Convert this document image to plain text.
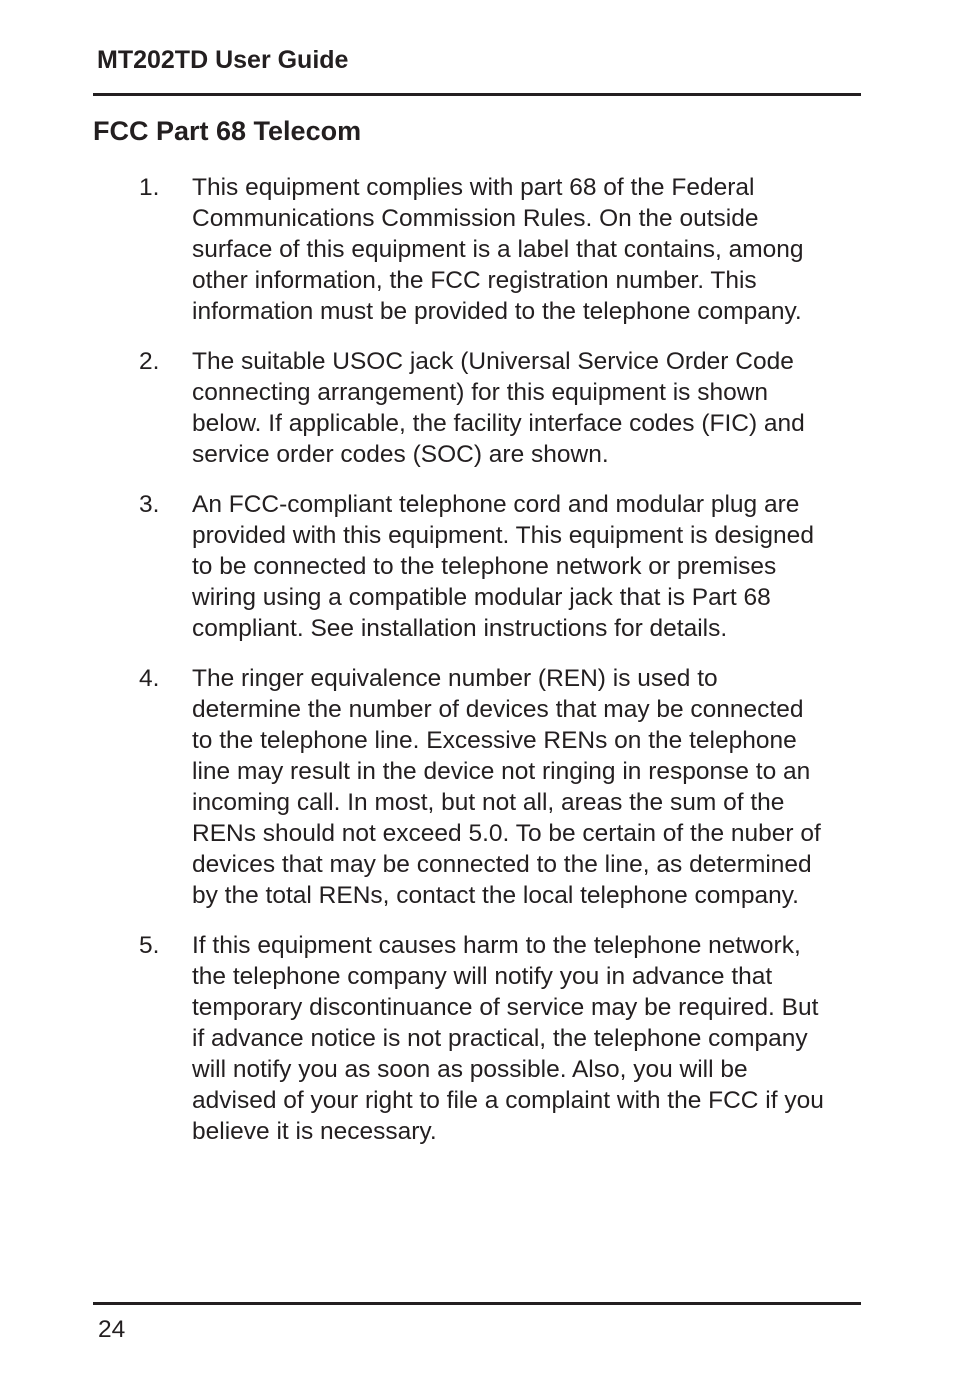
MT202TD User Guide

FCC Part 68 Telecom
1. This equipment complies with part 68 of the Federal
Communications Commission Rules. On the outside
surface of this equipment is a label that contains, among
other information, the FCC registration number. This
information must be provided to the telephone company.
2. The suitable USOC jack (Universal Service Order Code
connecting arrangement) for this equipment is shown
below. If applicable, the facility interface codes (FIC) and
service order codes (SOC) are shown.
3. An FCC-compliant telephone cord and modular plug are
provided with this equipment. This equipment is designed
to be connected to the telephone network or premises
wiring using a compatible modular jack that is Part 68
compliant. See installation instructions for details.
4. The ringer equivalence number (REN) is used to
determine the number of devices that may be connected
to the telephone line. Excessive RENs on the telephone
line may result in the device not ringing in response to an
incoming call. In most, but not all, areas the sum of the
RENs should not exceed 5.0. To be certain of the nuber of
devices that may be connected to the line, as determined
by the total RENs, contact the local telephone company.
5. If this equipment causes harm to the telephone network,
the telephone company will notify you in advance that
temporary discontinuance of service may be required. But
if advance notice is not practical, the telephone company
will notify you as soon as possible. Also, you will be
advised of your right to file a complaint with the FCC if you
believe it is necessary.

24
